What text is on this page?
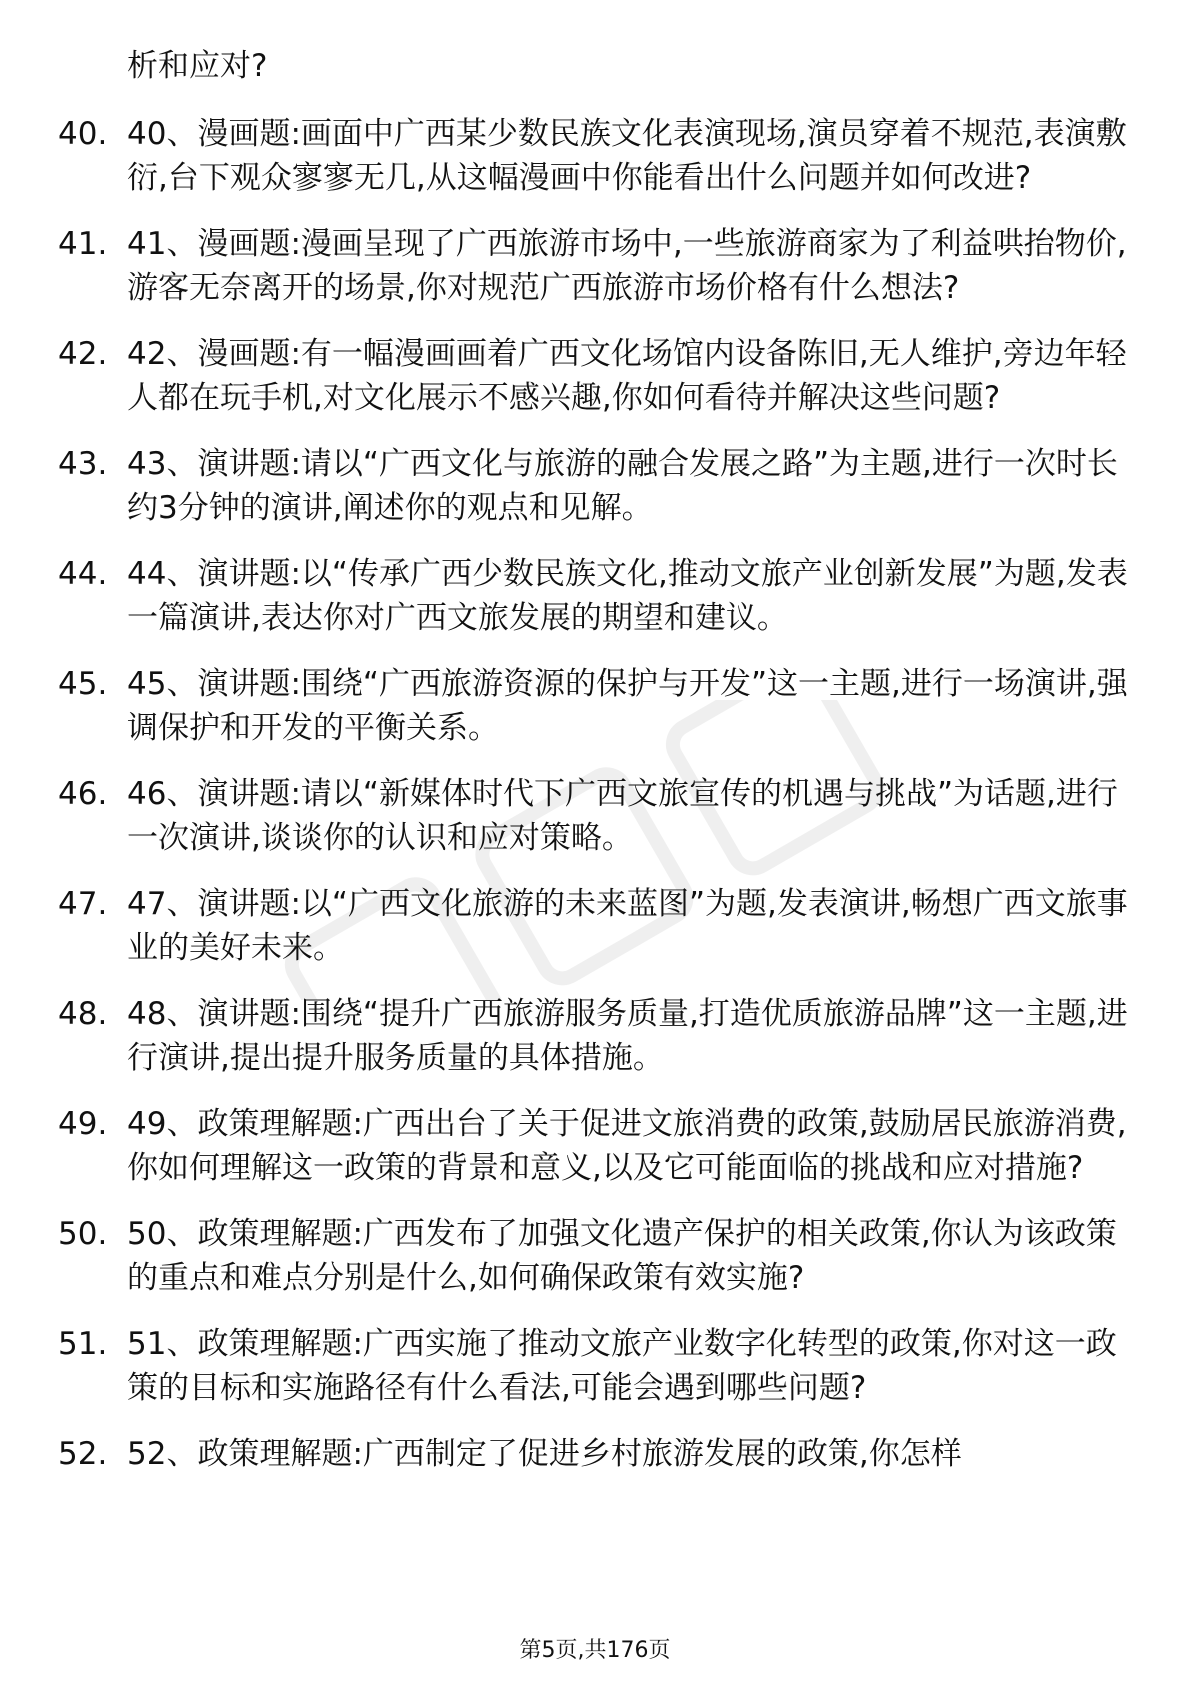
析和应对?

40. 40、漫画题:画面中广西某少数民族文化表演现场,演员穿着不规范,表演敷衍,台下观众寥寥无几,从这幅漫画中你能看出什么问题并如何改进?
41. 41、漫画题:漫画呈现了广西旅游市场中,一些旅游商家为了利益哄抬物价,游客无奈离开的场景,你对规范广西旅游市场价格有什么想法?
42. 42、漫画题:有一幅漫画画着广西文化场馆内设备陈旧,无人维护,旁边年轻人都在玩手机,对文化展示不感兴趣,你如何看待并解决这些问题?
43. 43、演讲题:请以“广西文化与旅游的融合发展之路”为主题,进行一次时长约3分钟的演讲,阐述你的观点和见解。
44. 44、演讲题:以“传承广西少数民族文化,推动文旅产业创新发展”为题,发表一篇演讲,表达你对广西文旅发展的期望和建议。
45. 45、演讲题:围绕“广西旅游资源的保护与开发”这一主题,进行一场演讲,强调保护和开发的平衡关系。
46. 46、演讲题:请以“新媒体时代下广西文旅宣传的机遇与挑战”为话题,进行一次演讲,谈谈你的认识和应对策略。
47. 47、演讲题:以“广西文化旅游的未来蓝图”为题,发表演讲,畅想广西文旅事业的美好未来。
48. 48、演讲题:围绕“提升广西旅游服务质量,打造优质旅游品牌”这一主题,进行演讲,提出提升服务质量的具体措施。
49. 49、政策理解题:广西出台了关于促进文旅消费的政策,鼓励居民旅游消费,你如何理解这一政策的背景和意义,以及它可能面临的挑战和应对措施?
50. 50、政策理解题:广西发布了加强文化遗产保护的相关政策,你认为该政策的重点和难点分别是什么,如何确保政策有效实施?
51. 51、政策理解题:广西实施了推动文旅产业数字化转型的政策,你对这一政策的目标和实施路径有什么看法,可能会遇到哪些问题?
52. 52、政策理解题:广西制定了促进乡村旅游发展的政策,你怎样
第5页,共176页
